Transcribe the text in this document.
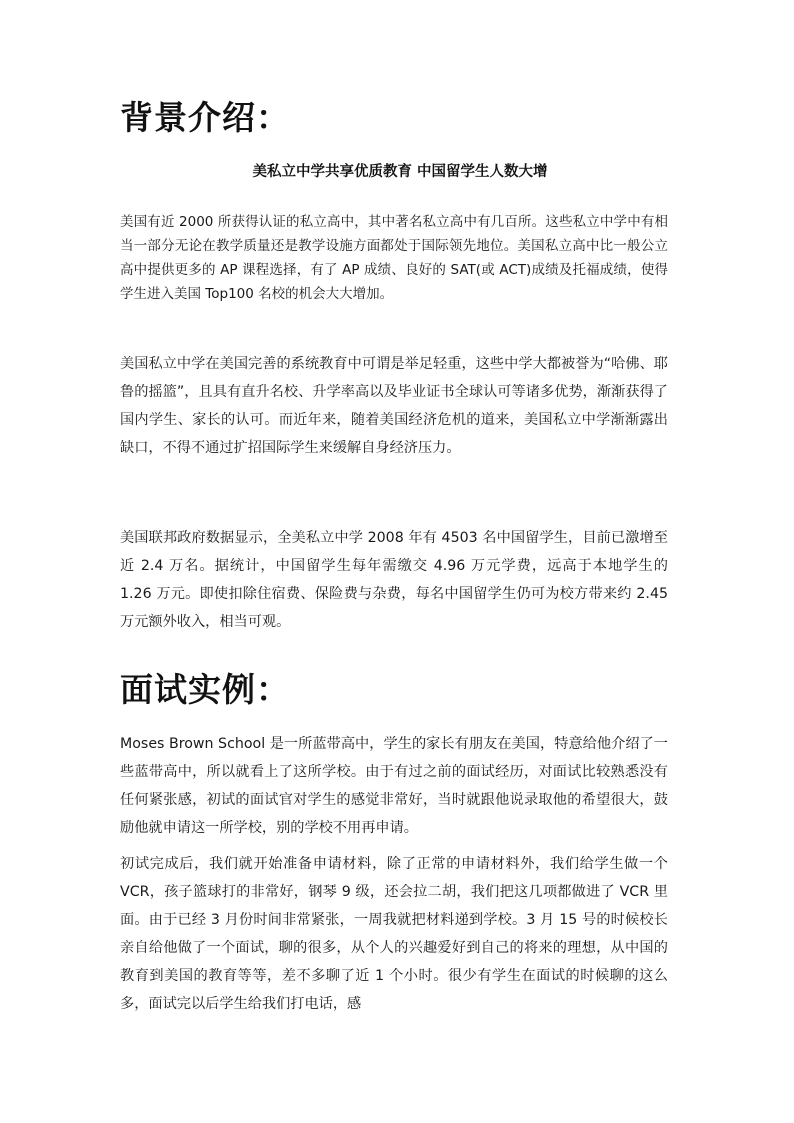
背景介绍：

美私立中学共享优质教育 中国留学生人数大增

美国有近 2000 所获得认证的私立高中，其中著名私立高中有几百所。这些私立中学中有相当一部分无论在教学质量还是教学设施方面都处于国际领先地位。美国私立高中比一般公立高中提供更多的 AP 课程选择，有了 AP 成绩、良好的 SAT(或 ACT)成绩及托福成绩，使得学生进入美国 Top100 名校的机会大大增加。

美国私立中学在美国完善的系统教育中可谓是举足轻重，这些中学大都被誉为“哈佛、耶鲁的摇篮”，且具有直升名校、升学率高以及毕业证书全球认可等诸多优势，渐渐获得了国内学生、家长的认可。而近年来，随着美国经济危机的道来，美国私立中学渐渐露出缺口，不得不通过扩招国际学生来缓解自身经济压力。

美国联邦政府数据显示，全美私立中学 2008 年有 4503 名中国留学生，目前已激增至近 2.4 万名。据统计，中国留学生每年需缴交 4.96 万元学费，远高于本地学生的 1.26 万元。即使扣除住宿费、保险费与杂费，每名中国留学生仍可为校方带来约 2.45 万元额外收入，相当可观。

面试实例：

Moses Brown School 是一所蓝带高中，学生的家长有朋友在美国，特意给他介绍了一些蓝带高中，所以就看上了这所学校。由于有过之前的面试经历，对面试比较熟悉没有任何紧张感，初试的面试官对学生的感觉非常好，当时就跟他说录取他的希望很大，鼓励他就申请这一所学校，别的学校不用再申请。

初试完成后，我们就开始准备申请材料，除了正常的申请材料外，我们给学生做一个 VCR，孩子篮球打的非常好，钢琴 9 级，还会拉二胡，我们把这几项都做进了 VCR 里面。由于已经 3 月份时间非常紧张，一周我就把材料递到学校。3 月 15 号的时候校长亲自给他做了一个面试，聊的很多，从个人的兴趣爱好到自己的将来的理想，从中国的教育到美国的教育等等，差不多聊了近 1 个小时。很少有学生在面试的时候聊的这么多，面试完以后学生给我们打电话，感
